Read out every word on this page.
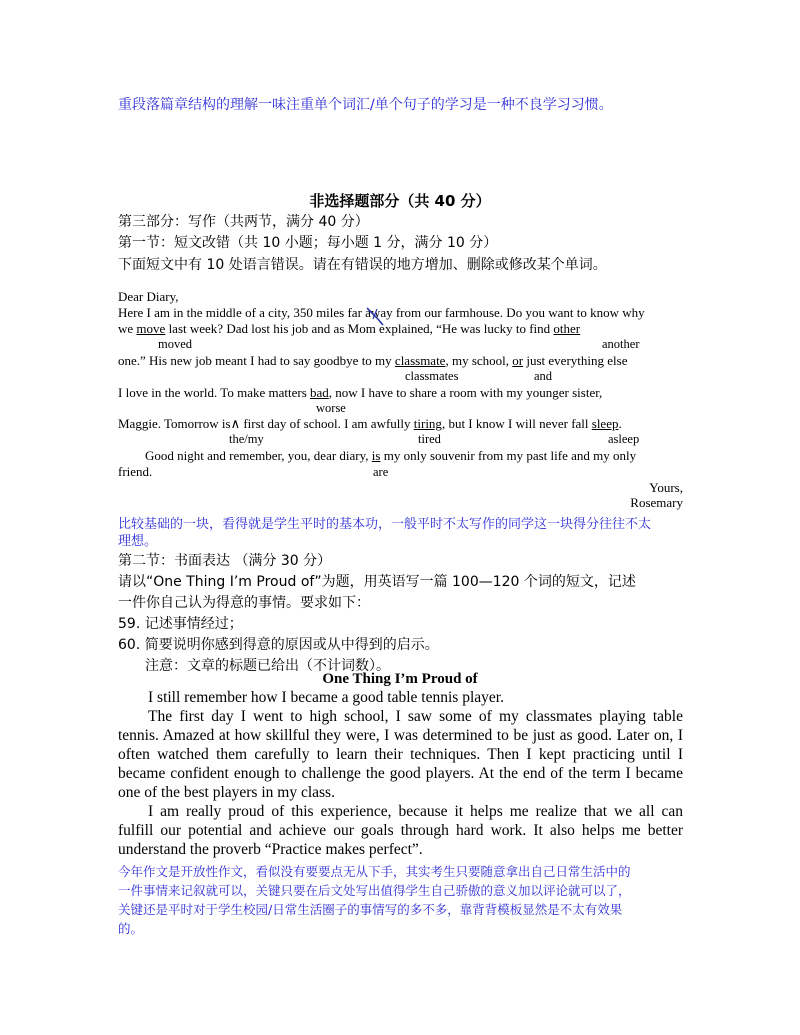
重段落篇章结构的理解一味注重单个词汇/单个句子的学习是一种不良学习习惯。
非选择题部分（共 40 分）
第三部分：写作（共两节，满分 40 分）
第一节：短文改错（共 10 小题；每小题 1 分，满分 10 分）
下面短文中有 10 处语言错误。请在有错误的地方增加、删除或修改某个单词。
Dear Diary,
Here I am in the middle of a city, 350 miles far away from our farmhouse. Do you want to know why
we move last week? Dad lost his job and as Mom explained, “He was lucky to find other
moved	another
one.” His new job meant I had to say goodbye to my classmate, my school, or just everything else
classmates	and
I love in the world. To make matters bad, now I have to share a room with my younger sister,
worse
Maggie. Tomorrow is∧ first day of school. I am awfully tiring, but I know I will never fall sleep.
the/my	tired	asleep
Good night and remember, you, dear diary, is my only souvenir from my past life and my only
friend.	are
Yours,
Rosemary
比较基础的一块，看得就是学生平时的基本功，一般平时不太写作的同学这一块得分往往不太
理想。
第二节：书面表达 （满分 30 分）
请以“One Thing I’m Proud of”为题，用英语写一篇 100—120 个词的短文，记述
一件你自己认为得意的事情。要求如下：
59. 记述事情经过；
60. 简要说明你感到得意的原因或从中得到的启示。
注意：文章的标题已给出（不计词数）。
One Thing I’m Proud of
I still remember how I became a good table tennis player.
The first day I went to high school, I saw some of my classmates playing table
tennis. Amazed at how skillful they were, I was determined to be just as good. Later on, I
often watched them carefully to learn their techniques. Then I kept practicing until I
became confident enough to challenge the good players. At the end of the term I became
one of the best players in my class.
I am really proud of this experience, because it helps me realize that we all can
fulfill our potential and achieve our goals through hard work. It also helps me better
understand the proverb “Practice makes perfect”.
今年作文是开放性作文，看似没有要要点无从下手，其实考生只要随意拿出自己日常生活中的
一件事情来记叙就可以，关键只要在后文处写出值得学生自己骄傲的意义加以评论就可以了，
关键还是平时对于学生校园/日常生活圈子的事情写的多不多，靠背背模板显然是不太有效果
的。
